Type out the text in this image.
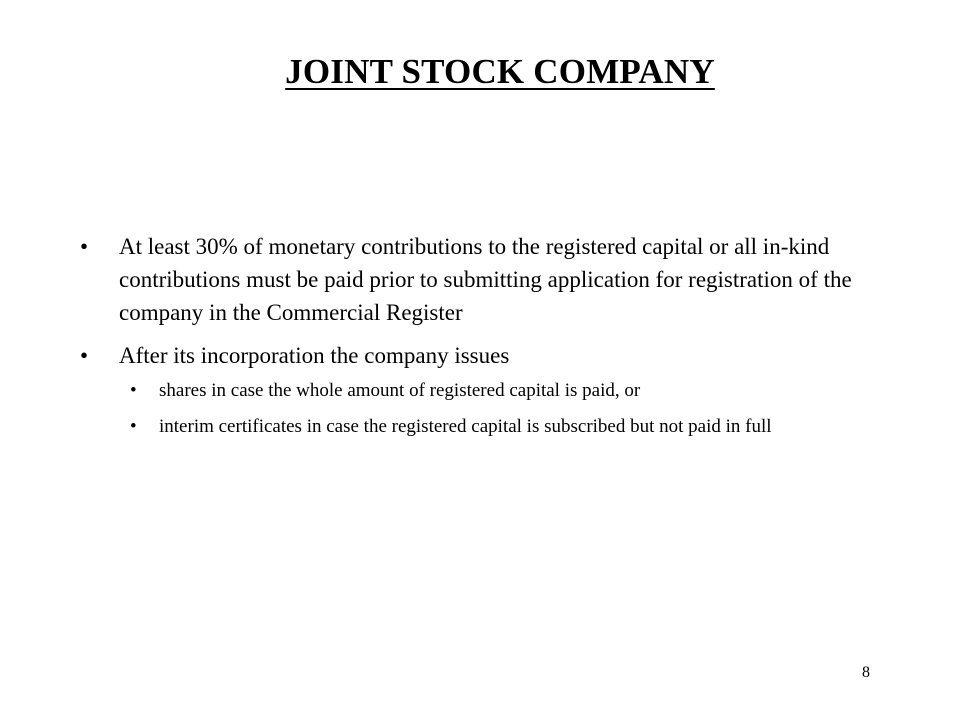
JOINT STOCK COMPANY
• At least 30% of monetary contributions to the registered capital or all in-kind contributions must be paid prior to submitting application for registration of the company in the Commercial Register
• After its incorporation the company issues
• shares in case the whole amount of registered capital is paid, or
• interim certificates in case the registered capital is subscribed but not paid in full
8
